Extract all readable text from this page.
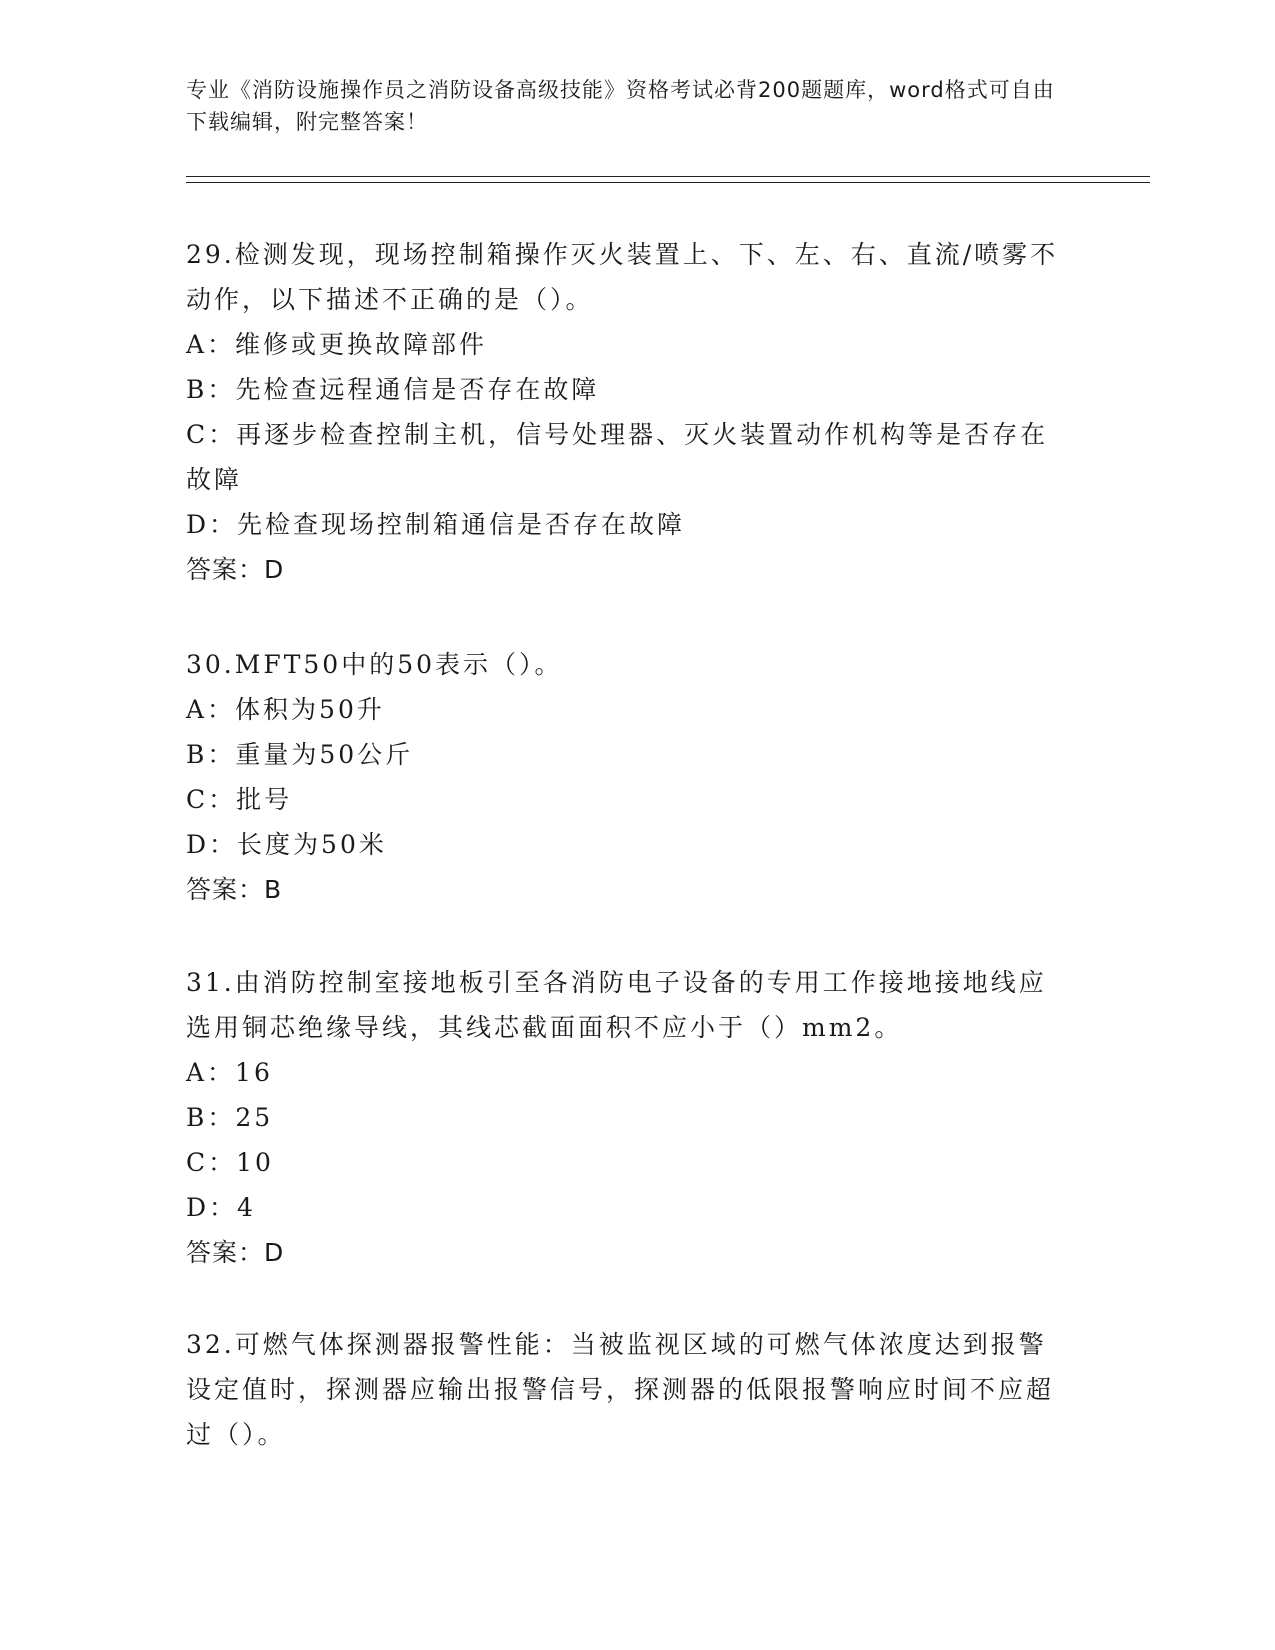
专业《消防设施操作员之消防设备高级技能》资格考试必背200题题库，word格式可自由下载编辑，附完整答案！
29.检测发现，现场控制箱操作灭火装置上、下、左、右、直流/喷雾不动作，以下描述不正确的是（）。
A：维修或更换故障部件
B：先检查远程通信是否存在故障
C：再逐步检查控制主机，信号处理器、灭火装置动作机构等是否存在故障
D：先检查现场控制箱通信是否存在故障
答案：D
30.MFT50中的50表示（）。
A：体积为50升
B：重量为50公斤
C：批号
D：长度为50米
答案：B
31.由消防控制室接地板引至各消防电子设备的专用工作接地接地线应选用铜芯绝缘导线，其线芯截面面积不应小于（）mm2。
A：16
B：25
C：10
D：4
答案：D
32.可燃气体探测器报警性能：当被监视区域的可燃气体浓度达到报警设定值时，探测器应输出报警信号，探测器的低限报警响应时间不应超过（）。
